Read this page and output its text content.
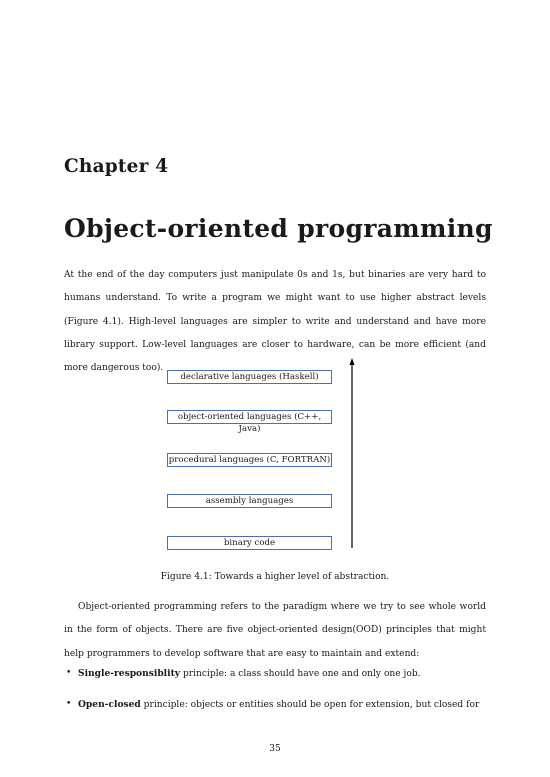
Chapter 4
Object-oriented programming

At the end of the day computers just manipulate 0s and 1s, but binaries are very hard to humans understand. To write a program we might want to use higher abstract levels (Figure 4.1). High-level languages are simpler to write and understand and have more library support. Low-level languages are closer to hardware, can be more efficient (and more dangerous too).

declarative languages (Haskell)
object-oriented languages (C++, Java)
procedural languages (C, FORTRAN)
assembly languages
binary code
Figure 4.1: Towards a higher level of abstraction.

Object-oriented programming refers to the paradigm where we try to see whole world in the form of objects. There are five object-oriented design(OOD) principles that might help programmers to develop software that are easy to maintain and extend:

• Single-responsiblity principle: a class should have one and only one job.
• Open-closed principle: objects or entities should be open for extension, but closed for
35
